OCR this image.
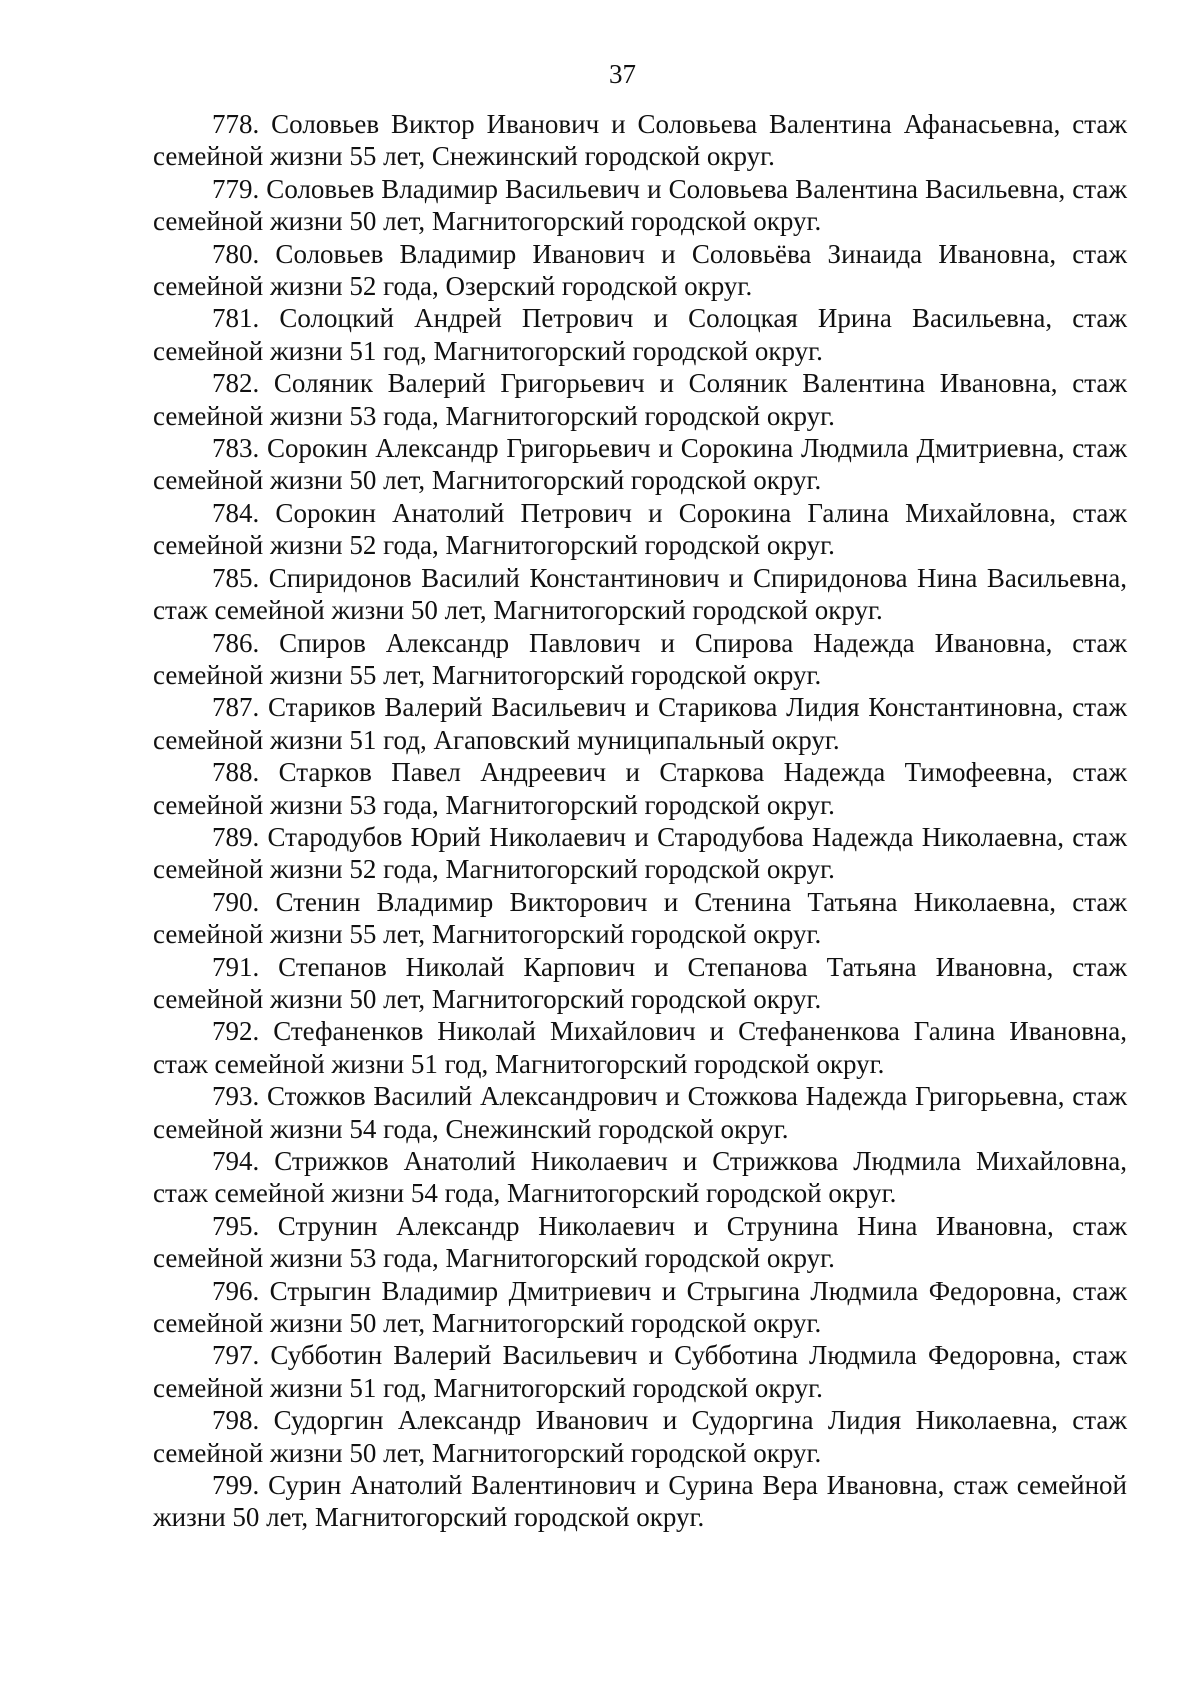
37

778. Соловьев Виктор Иванович и Соловьева Валентина Афанасьевна, стаж семейной жизни 55 лет, Снежинский городской округ.

779. Соловьев Владимир Васильевич и Соловьева Валентина Васильевна, стаж семейной жизни 50 лет, Магнитогорский городской округ.

780. Соловьев Владимир Иванович и Соловьёва Зинаида Ивановна, стаж семейной жизни 52 года, Озерский городской округ.

781. Солоцкий Андрей Петрович и Солоцкая Ирина Васильевна, стаж семейной жизни 51 год, Магнитогорский городской округ.

782. Соляник Валерий Григорьевич и Соляник Валентина Ивановна, стаж семейной жизни 53 года, Магнитогорский городской округ.

783. Сорокин Александр Григорьевич и Сорокина Людмила Дмитриевна, стаж семейной жизни 50 лет, Магнитогорский городской округ.

784. Сорокин Анатолий Петрович и Сорокина Галина Михайловна, стаж семейной жизни 52 года, Магнитогорский городской округ.

785. Спиридонов Василий Константинович и Спиридонова Нина Васильевна, стаж семейной жизни 50 лет, Магнитогорский городской округ.

786. Спиров Александр Павлович и Спирова Надежда Ивановна, стаж семейной жизни 55 лет, Магнитогорский городской округ.

787. Стариков Валерий Васильевич и Старикова Лидия Константиновна, стаж семейной жизни 51 год, Агаповский муниципальный округ.

788. Старков Павел Андреевич и Старкова Надежда Тимофеевна, стаж семейной жизни 53 года, Магнитогорский городской округ.

789. Стародубов Юрий Николаевич и Стародубова Надежда Николаевна, стаж семейной жизни 52 года, Магнитогорский городской округ.

790. Стенин Владимир Викторович и Стенина Татьяна Николаевна, стаж семейной жизни 55 лет, Магнитогорский городской округ.

791. Степанов Николай Карпович и Степанова Татьяна Ивановна, стаж семейной жизни 50 лет, Магнитогорский городской округ.

792. Стефаненков Николай Михайлович и Стефаненкова Галина Ивановна, стаж семейной жизни 51 год, Магнитогорский городской округ.

793. Стожков Василий Александрович и Стожкова Надежда Григорьевна, стаж семейной жизни 54 года, Снежинский городской округ.

794. Стрижков Анатолий Николаевич и Стрижкова Людмила Михайловна, стаж семейной жизни 54 года, Магнитогорский городской округ.

795. Струнин Александр Николаевич и Струнина Нина Ивановна, стаж семейной жизни 53 года, Магнитогорский городской округ.

796. Стрыгин Владимир Дмитриевич и Стрыгина Людмила Федоровна, стаж семейной жизни 50 лет, Магнитогорский городской округ.

797. Субботин Валерий Васильевич и Субботина Людмила Федоровна, стаж семейной жизни 51 год, Магнитогорский городской округ.

798. Судоргин Александр Иванович и Судоргина Лидия Николаевна, стаж семейной жизни 50 лет, Магнитогорский городской округ.

799. Сурин Анатолий Валентинович и Сурина Вера Ивановна, стаж семейной жизни 50 лет, Магнитогорский городской округ.
